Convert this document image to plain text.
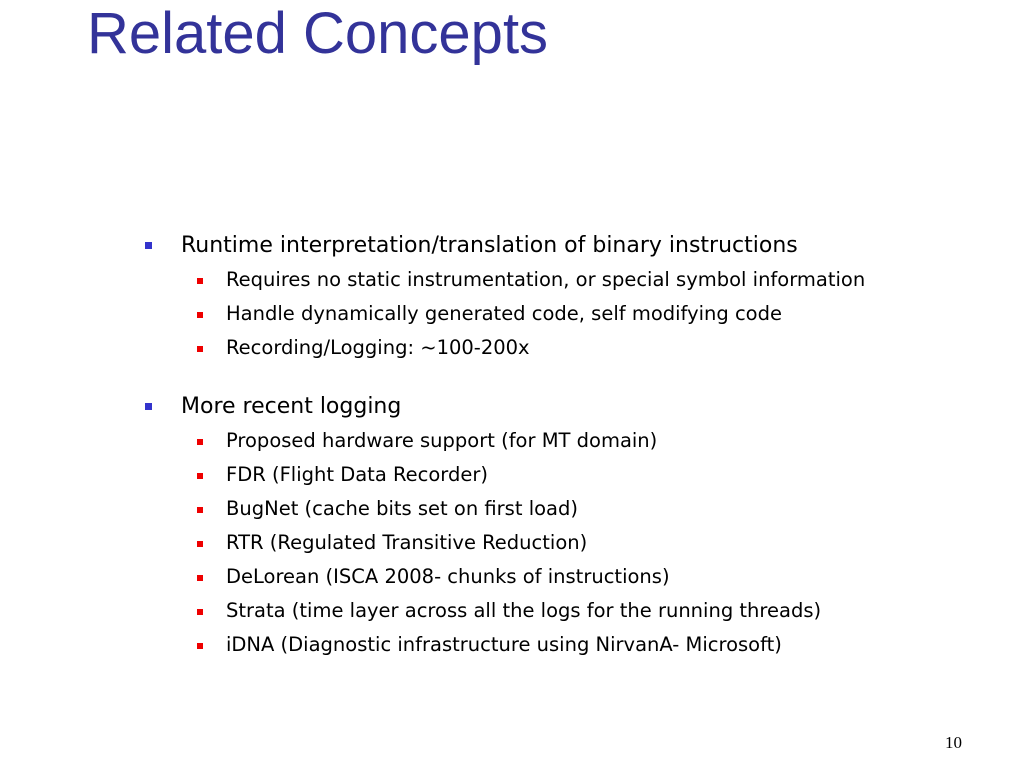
Related Concepts
Runtime interpretation/translation of binary instructions
Requires no static instrumentation, or special symbol information
Handle dynamically generated code, self modifying code
Recording/Logging: ~100-200x
More recent logging
Proposed hardware support (for MT domain)
FDR (Flight Data Recorder)
BugNet (cache bits set on first load)
RTR (Regulated Transitive Reduction)
DeLorean (ISCA 2008- chunks of instructions)
Strata (time layer across all the logs for the running threads)
iDNA (Diagnostic infrastructure using NirvanA- Microsoft)
10
